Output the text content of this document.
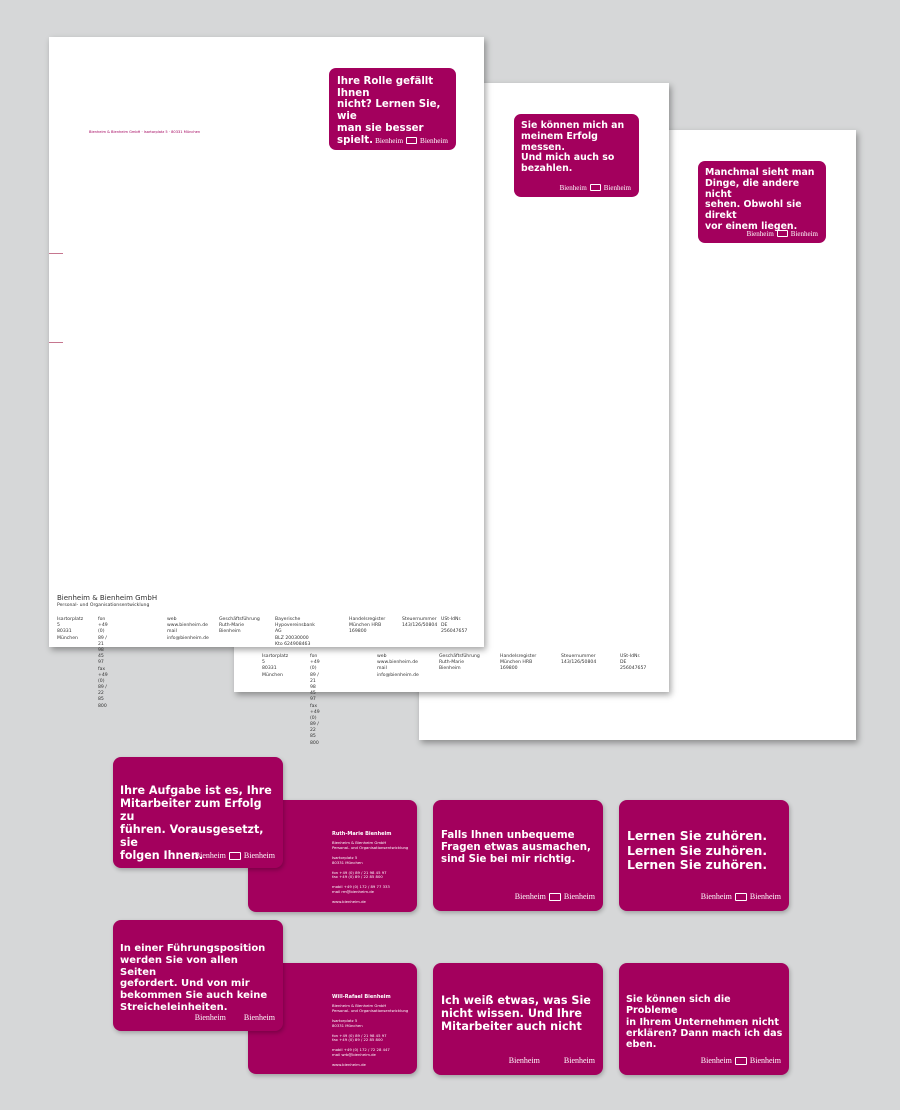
Manchmal sieht man
Dinge, die andere nicht
sehen. Obwohl sie direkt
vor einem liegen.
Bienheim Bienheim
Sie können mich an
meinem Erfolg messen.
Und mich auch so
bezahlen.
Bienheim Bienheim
Isartorplatz 5
80331 München
fon +49 (0) 89 / 21 98 45 97
fax +49 (0) 89 / 22 85 800
web www.bienheim.de
mail info@bienheim.de
Geschäftsführung
Ruth-Marie Bienheim
Handelsregister
München HRB 169800
Steuernummer
143/126/50804
USt-IdNr.
DE 256047657
Bienheim & Bienheim GmbH · Isartorplatz 5 · 80331 München
Ihre Rolle gefällt Ihnen
nicht? Lernen Sie, wie
man sie besser spielt. Bienheim Bienheim
Bienheim & Bienheim GmbH
Personal- und Organisationsentwicklung
Isartorplatz 5
80331 München
fon +49 (0) 89 / 21 98 45 97
fax +49 (0) 89 / 22 85 800
web www.bienheim.de
mail info@bienheim.de
Geschäftsführung
Ruth-Marie Bienheim
Bayerische Hypovereinsbank AG
BLZ 20030000 Kto 624908463
Handelsregister
München HRB 169800
Steuernummer
143/126/50804
USt-IdNr.
DE 256047657
Ruth-Marie Bienheim
Bienheim & Bienheim GmbH
Personal- und Organisationsentwicklung

Isartorplatz 5
80331 München

fon +49 (0) 89 / 21 98 45 97
fax +49 (0) 89 / 22 85 800

mobil +49 (0) 172 / 89 77 333
mail rm@bienheim.de

www.bienheim.de
Ihre Aufgabe ist es, Ihre
Mitarbeiter zum Erfolg zu
führen. Vorausgesetzt, sie
folgen Ihnen.
Bienheim Bienheim
Falls Ihnen unbequeme
Fragen etwas ausmachen,
sind Sie bei mir richtig.
Bienheim Bienheim
Lernen Sie zuhören.
Lernen Sie zuhören.
Lernen Sie zuhören.
Bienheim Bienheim
Will-Rafael Bienheim
Bienheim & Bienheim GmbH
Personal- und Organisationsentwicklung

Isartorplatz 5
80331 München

fon +49 (0) 89 / 21 98 45 97
fax +49 (0) 89 / 22 85 800

mobil +49 (0) 172 / 72 28 447
mail wrb@bienheim.de

www.bienheim.de
In einer Führungsposition
werden Sie von allen Seiten
gefordert. Und von mir
bekommen Sie auch keine
Streicheleinheiten.
Bienheim Bienheim
Ich weiß etwas, was Sie
nicht wissen. Und Ihre
Mitarbeiter auch nicht
Bienheim	Bienheim
Sie können sich die Probleme
in Ihrem Unternehmen nicht
erklären? Dann mach ich das
eben.
Bienheim Bienheim
